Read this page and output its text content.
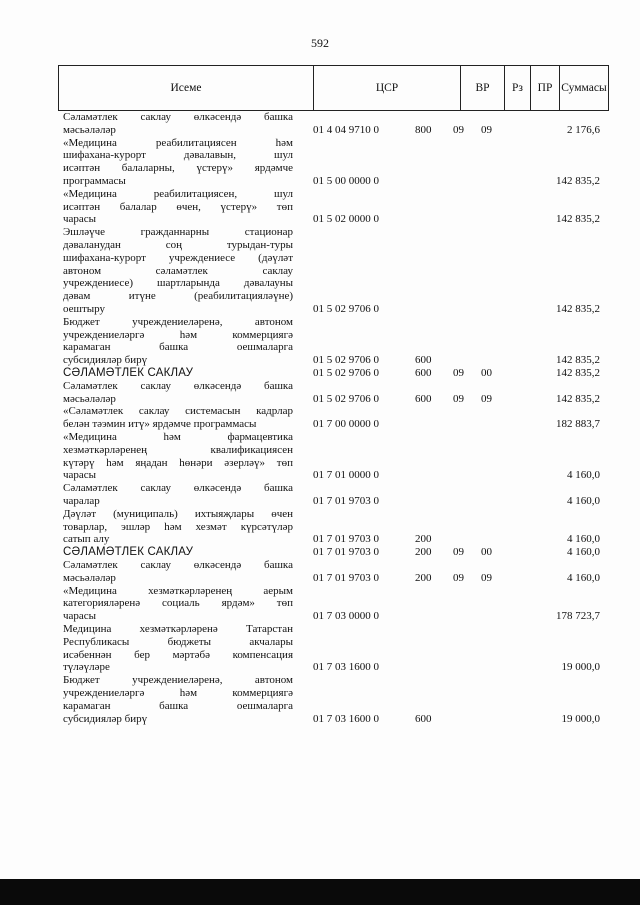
592
Исеме	ЦСР	ВР	Рз	ПР Суммасы
Сәламәтлек саклау өлкәсендә башка
мәсьәләләр	01 4 04 9710 0	800 09 09	2 176,6
«Медицина реабилитациясен һәм
шифахана-курорт дәвалавын, шул
исәптән балаларны, үстерү» ярдәмче
программасы	01 5 00 0000 0	142 835,2
«Медицина реабилитациясен, шул
исәптән балалар өчен, үстерү» төп
чарасы	01 5 02 0000 0	142 835,2
Эшләүче гражданнарны стационар
дәваланудан соң турыдан-туры
шифахана-курорт учреждениесе (дәүләт
автоном сәламәтлек саклау
учреждениесе) шартларында дәвалауны
дәвам итүне (реабилитацияләүне)
оештыру	01 5 02 9706 0	142 835,2
Бюджет учреждениеләренә, автоном
учреждениеләргә һәм коммерциягә
карамаган башка оешмаларга
субсидияләр бирү	01 5 02 9706 0	600	142 835,2
СӘЛАМӘТЛЕК САКЛАУ	01 5 02 9706 0	600 09 00	142 835,2
Сәламәтлек саклау өлкәсендә башка
мәсьәләләр	01 5 02 9706 0	600 09 09	142 835,2
«Сәламәтлек саклау системасын кадрлар
белән тәэмин итү» ярдәмче программасы	01 7 00 0000 0	182 883,7
«Медицина һәм фармацевтика
хезмәткәрләренең квалификациясен
күтәрү һәм яңадан һөнәри әзерләү» төп
чарасы	01 7 01 0000 0	4 160,0
Сәламәтлек саклау өлкәсендә башка
чаралар	01 7 01 9703 0	4 160,0
Дәүләт (муниципаль) ихтыяҗлары өчен
товарлар, эшләр һәм хезмәт күрсәтүләр
сатып алу	01 7 01 9703 0	200	4 160,0
СӘЛАМӘТЛЕК САКЛАУ	01 7 01 9703 0	200 09 00	4 160,0
Сәламәтлек саклау өлкәсендә башка
мәсьәләләр	01 7 01 9703 0	200 09 09	4 160,0
«Медицина хезмәткәрләренең аерым
категорияләренә социаль ярдәм» төп
чарасы	01 7 03 0000 0	178 723,7
Медицина хезмәткәрләренә Татарстан
Республикасы бюджеты акчалары
исәбеннән бер мәртәбә компенсация
түләүләре	01 7 03 1600 0	19 000,0
Бюджет учреждениеләренә, автоном
учреждениеләргә һәм коммерциягә
карамаган башка оешмаларга
субсидияләр бирү	01 7 03 1600 0	600	19 000,0
